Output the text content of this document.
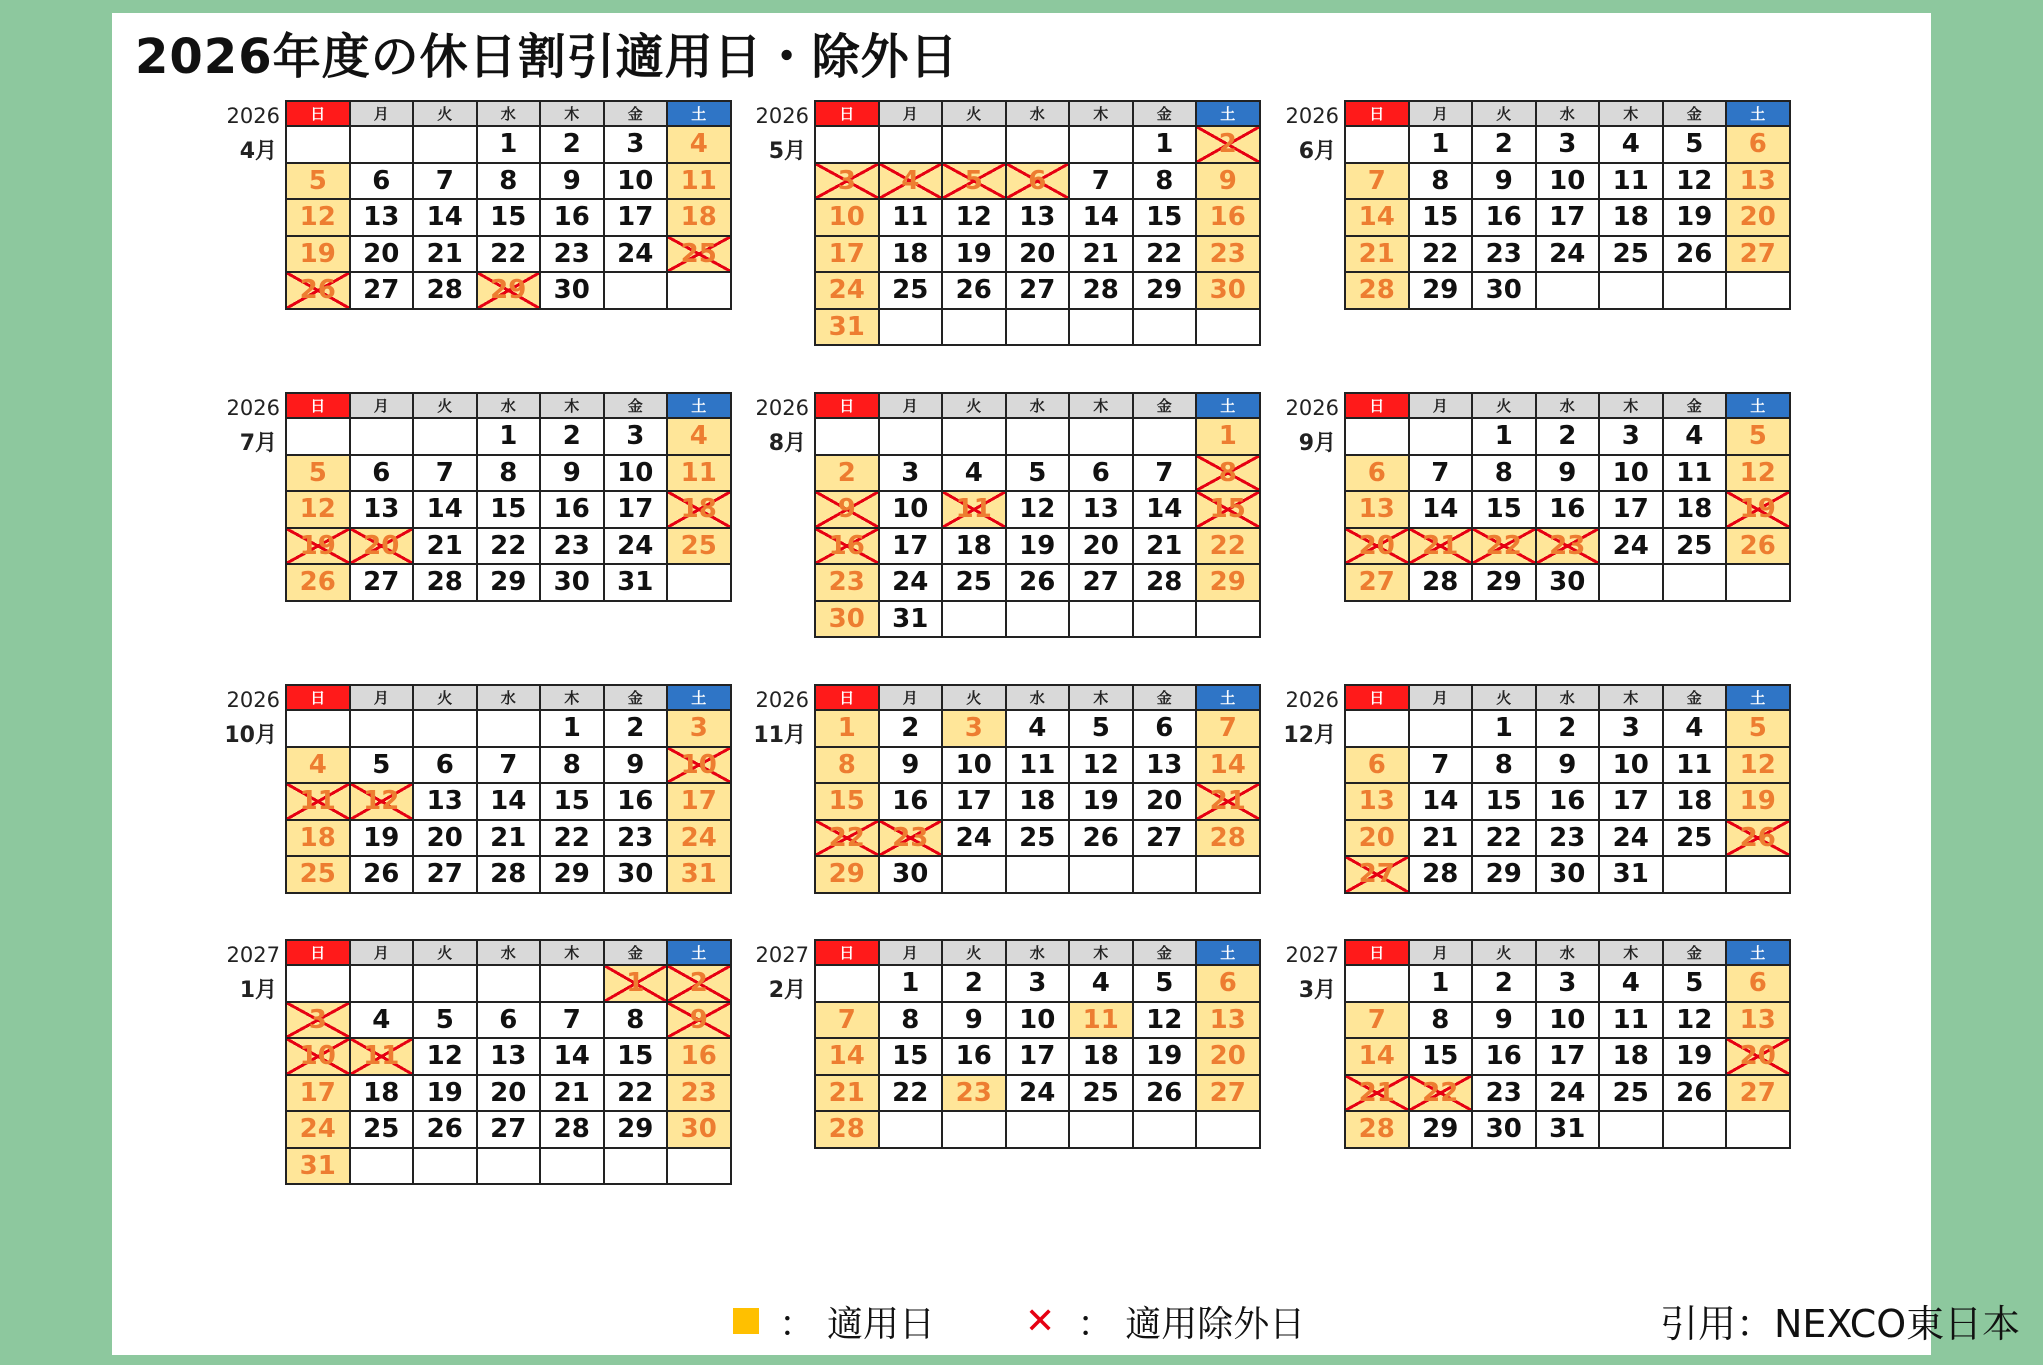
2026年度の休日割引適用日・除外日
2026
4月
日	月	火	水	木	金	土
			1	2	3	4
5	6	7	8	9	10	11
12	13	14	15	16	17	18
19	20	21	22	23	24	25
26	27	28	29	30		
2026
5月
日	月	火	水	木	金	土
					1	2
3	4	5	6	7	8	9
10	11	12	13	14	15	16
17	18	19	20	21	22	23
24	25	26	27	28	29	30
31						
2026
6月
日	月	火	水	木	金	土
	1	2	3	4	5	6
7	8	9	10	11	12	13
14	15	16	17	18	19	20
21	22	23	24	25	26	27
28	29	30				
2026
7月
日	月	火	水	木	金	土
			1	2	3	4
5	6	7	8	9	10	11
12	13	14	15	16	17	18
19	20	21	22	23	24	25
26	27	28	29	30	31	
2026
8月
日	月	火	水	木	金	土
						1
2	3	4	5	6	7	8
9	10	11	12	13	14	15
16	17	18	19	20	21	22
23	24	25	26	27	28	29
30	31					
2026
9月
日	月	火	水	木	金	土
		1	2	3	4	5
6	7	8	9	10	11	12
13	14	15	16	17	18	19
20	21	22	23	24	25	26
27	28	29	30			
2026
10月
日	月	火	水	木	金	土
				1	2	3
4	5	6	7	8	9	10
11	12	13	14	15	16	17
18	19	20	21	22	23	24
25	26	27	28	29	30	31
2026
11月
日	月	火	水	木	金	土
1	2	3	4	5	6	7
8	9	10	11	12	13	14
15	16	17	18	19	20	21
22	23	24	25	26	27	28
29	30					
2026
12月
日	月	火	水	木	金	土
		1	2	3	4	5
6	7	8	9	10	11	12
13	14	15	16	17	18	19
20	21	22	23	24	25	26
27	28	29	30	31		
2027
1月
日	月	火	水	木	金	土
					1	2
3	4	5	6	7	8	9
10	11	12	13	14	15	16
17	18	19	20	21	22	23
24	25	26	27	28	29	30
31						
2027
2月
日	月	火	水	木	金	土
	1	2	3	4	5	6
7	8	9	10	11	12	13
14	15	16	17	18	19	20
21	22	23	24	25	26	27
28						
2027
3月
日	月	火	水	木	金	土
	1	2	3	4	5	6
7	8	9	10	11	12	13
14	15	16	17	18	19	20
21	22	23	24	25	26	27
28	29	30	31			
： 適用日	✕ ： 適用除外日	引用：NEXCO東日本
